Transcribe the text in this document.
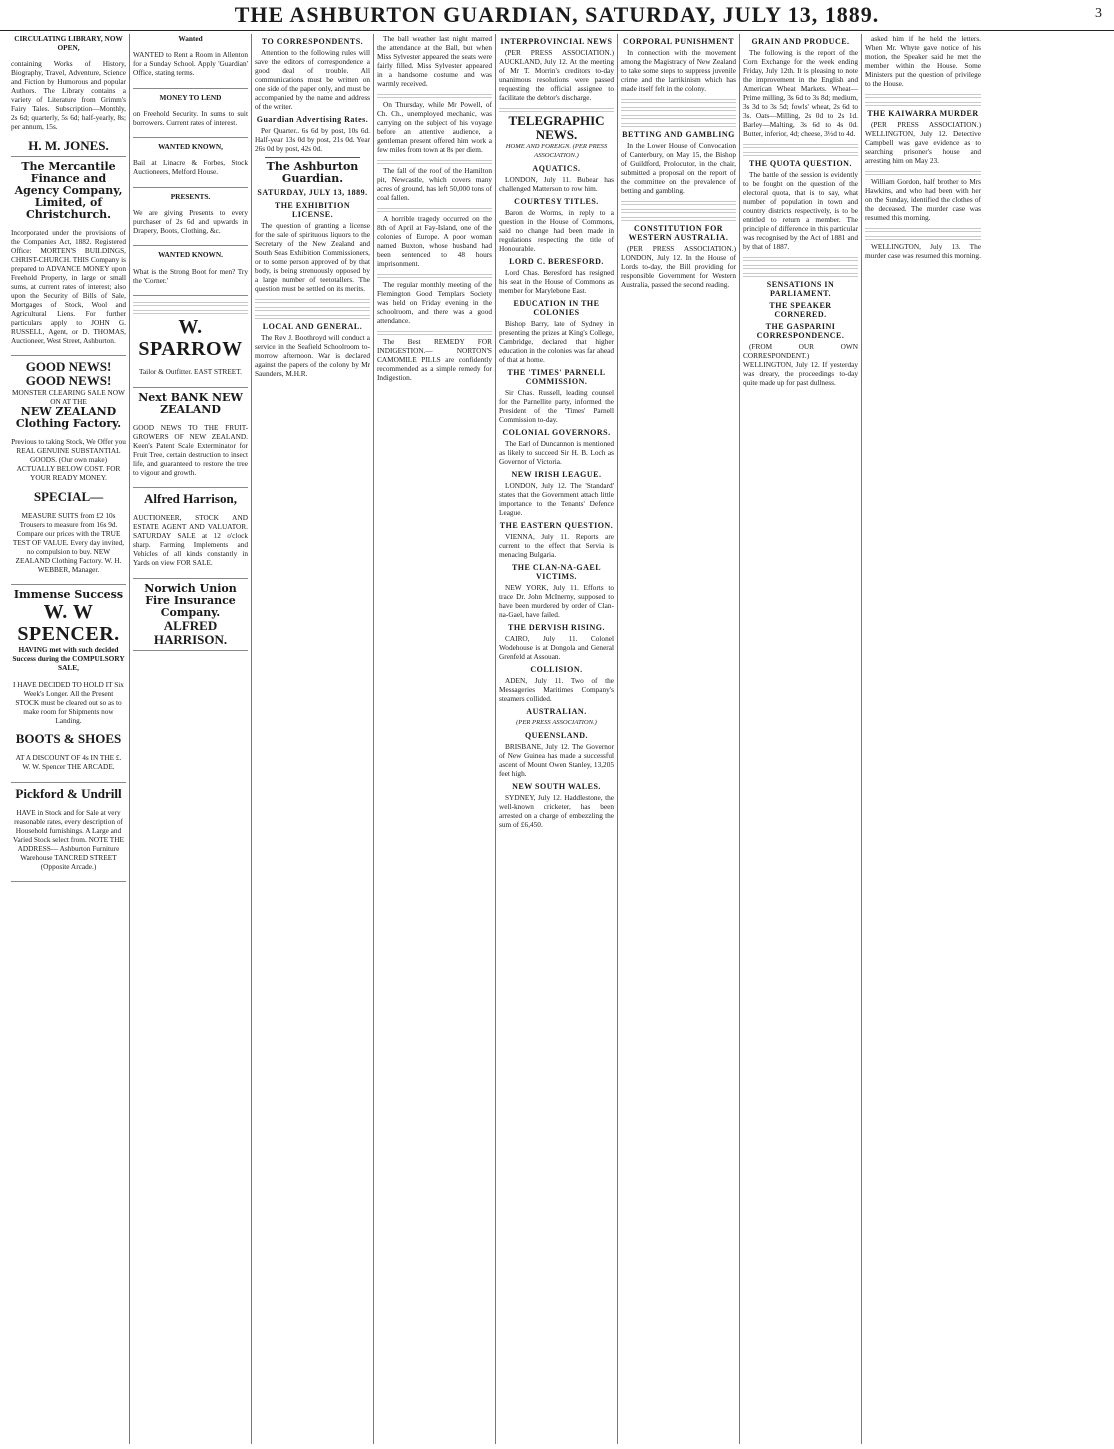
THE ASHBURTON GUARDIAN, SATURDAY, JULY 13, 1889.	3
CIRCULATING LIBRARY, NOW OPEN,

containing Works of History, Biography, Travel, Adventure, Science and Fiction by Humorous and popular Authors. The Library contains a variety of Literature from Grimm's Fairy Tales. Subscription—Monthly, 2s 6d; quarterly, 5s 6d; half-yearly, 8s; per annum, 15s.

H. M. JONES.
The Mercantile Finance and Agency Company, Limited, of Christchurch.

Incorporated under the provisions of the Companies Act, 1882. Registered Office: MORTEN'S BUILDINGS, CHRIST-CHURCH. THIS Company is prepared to ADVANCE MONEY upon Freehold Property, in large or small sums, at current rates of interest; also upon the Security of Bills of Sale, Mortgages of Stock, Wool and Agricultural Liens. For further particulars apply to JOHN G. RUSSELL, Agent, or D. THOMAS, Auctioneer, West Street, Ashburton.

GOOD NEWS! GOOD NEWS!
MONSTER CLEARING SALE NOW ON AT THE
NEW ZEALAND Clothing Factory.

Previous to taking Stock, We Offer you REAL GENUINE SUBSTANTIAL GOODS. (Our own make) ACTUALLY BELOW COST. FOR YOUR READY MONEY.

SPECIAL—

MEASURE SUITS from £2 10s Trousers to measure from 16s 9d. Compare our prices with the TRUE TEST OF VALUE. Every day invited, no compulsion to buy. NEW ZEALAND Clothing Factory. W. H. WEBBER, Manager.

Immense Success
W. W SPENCER.
HAVING met with such decided Success during the COMPULSORY SALE,

I HAVE DECIDED TO HOLD IT Six Week's Longer. All the Present STOCK must be cleared out so as to make room for Shipments now Landing.

BOOTS & SHOES

AT A DISCOUNT OF 4s IN THE £. W. W. Spencer THE ARCADE.

Pickford & Undrill

HAVE in Stock and for Sale at very reasonable rates, every description of Household furnishings. A Large and Varied Stock select from. NOTE THE ADDRESS— Ashburton Furniture Warehouse TANCRED STREET (Opposite Arcade.)

Wanted

WANTED to Rent a Room in Allenton for a Sunday School. Apply 'Guardian' Office, stating terms.

MONEY TO LEND

on Freehold Security. In sums to suit borrowers. Current rates of interest.

WANTED KNOWN,

Bail at Linacre & Forbes, Stock Auctioneers, Melford House.

PRESENTS.

We are giving Presents to every purchaser of 2s 6d and upwards in Drapery, Boots, Clothing, &c.

WANTED KNOWN.

What is the Strong Boot for men? Try the 'Corner.'

W. SPARROW

Tailor & Outfitter. EAST STREET.

Next BANK NEW ZEALAND

GOOD NEWS TO THE FRUIT-GROWERS OF NEW ZEALAND. Keen's Patent Scale Exterminator for Fruit Tree, certain destruction to insect life, and guaranteed to restore the tree to vigour and growth.

Alfred Harrison,

AUCTIONEER, STOCK AND ESTATE AGENT AND VALUATOR. SATURDAY SALE at 12 o'clock sharp. Farming Implements and Vehicles of all kinds constantly in Yards on view FOR SALE.

Norwich Union Fire Insurance Company.
ALFRED HARRISON.
TO CORRESPONDENTS.

Attention to the following rules will save the editors of correspondence a good deal of trouble. All communications must be written on one side of the paper only, and must be accompanied by the name and address of the writer.

Guardian Advertising Rates.

Per Quarter.. 6s 6d by post, 10s 6d. Half-year 13s 0d by post, 21s 0d. Year 26s 0d by post, 42s 0d.

The Ashburton Guardian.
SATURDAY, JULY 13, 1889.
THE EXHIBITION LICENSE.

The question of granting a license for the sale of spirituous liquors to the Secretary of the New Zealand and South Seas Exhibition Commissioners, or to some person approved of by that body, is being strenuously opposed by a large number of teetotallers. The question must be settled on its merits.

LOCAL AND GENERAL.

The Rev J. Boothroyd will conduct a service in the Seafield Schoolroom to-morrow afternoon. War is declared against the papers of the colony by Mr Saunders, M.H.R.

The ball weather last night marred the attendance at the Ball, but when Miss Sylvester appeared the seats were fairly filled. Miss Sylvester appeared in a handsome costume and was warmly received.

On Thursday, while Mr Powell, of Ch. Ch., unemployed mechanic, was carrying on the subject of his voyage before an attentive audience, a gentleman present offered him work a few miles from town at 8s per diem.

The fall of the roof of the Hamilton pit, Newcastle, which covers many acres of ground, has left 50,000 tons of coal fallen.

A horrible tragedy occurred on the 8th of April at Fay-Island, one of the colonies of Europe. A poor woman named Buxton, whose husband had been sentenced to 48 hours imprisonment.

The regular monthly meeting of the Flemington Good Templars Society was held on Friday evening in the schoolroom, and there was a good attendance.

The Best REMEDY FOR INDIGESTION.— NORTON'S CAMOMILE PILLS are confidently recommended as a simple remedy for Indigestion.

INTERPROVINCIAL NEWS

(PER PRESS ASSOCIATION.) AUCKLAND, July 12. At the meeting of Mr T. Morrin's creditors to-day unanimous resolutions were passed requesting the official assignee to facilitate the debtor's discharge.

TELEGRAPHIC NEWS.
HOME AND FOREIGN. (PER PRESS ASSOCIATION.)
AQUATICS.

LONDON, July 11. Bubear has challenged Matterson to row him.

COURTESY TITLES.

Baron de Worms, in reply to a question in the House of Commons, said no change had been made in regulations respecting the title of Honourable.

LORD C. BERESFORD.

Lord Chas. Beresford has resigned his seat in the House of Commons as member for Marylebone East.

EDUCATION IN THE COLONIES

Bishop Barry, late of Sydney in presenting the prizes at King's College, Cambridge, declared that higher education in the colonies was far ahead of that at home.

THE 'TIMES' PARNELL COMMISSION.

Sir Chas. Russell, leading counsel for the Parnellite party, informed the President of the 'Times' Parnell Commission to-day.

COLONIAL GOVERNORS.

The Earl of Duncannon is mentioned as likely to succeed Sir H. B. Loch as Governor of Victoria.

NEW IRISH LEAGUE.

LONDON, July 12. The 'Standard' states that the Government attach little importance to the Tenants' Defence League.

THE EASTERN QUESTION.

VIENNA, July 11. Reports are current to the effect that Servia is menacing Bulgaria.

THE CLAN-NA-GAEL VICTIMS.

NEW YORK, July 11. Efforts to trace Dr. John McInerny, supposed to have been murdered by order of Clan-na-Gael, have failed.

THE DERVISH RISING.

CAIRO, July 11. Colonel Wodehouse is at Dongola and General Grenfeld at Assouan.

COLLISION.

ADEN, July 11. Two of the Messageries Maritimes Company's steamers collided.

AUSTRALIAN.
(PER PRESS ASSOCIATION.)
QUEENSLAND.

BRISBANE, July 12. The Governor of New Guinea has made a successful ascent of Mount Owen Stanley, 13,205 feet high.

NEW SOUTH WALES.

SYDNEY, July 12. Haddlestone, the well-known cricketer, has been arrested on a charge of embezzling the sum of £6,450.

CORPORAL PUNISHMENT

In connection with the movement among the Magistracy of New Zealand to take some steps to suppress juvenile crime and the larrikinism which has made itself felt in the colony.

BETTING AND GAMBLING

In the Lower House of Convocation of Canterbury, on May 15, the Bishop of Guildford, Prolocutor, in the chair, submitted a proposal on the report of the committee on the prevalence of betting and gambling.

CONSTITUTION FOR WESTERN AUSTRALIA.

(PER PRESS ASSOCIATION.) LONDON, July 12. In the House of Lords to-day, the Bill providing for responsible Government for Western Australia, passed the second reading.

GRAIN AND PRODUCE.

The following is the report of the Corn Exchange for the week ending Friday, July 12th. It is pleasing to note the improvement in the English and American Wheat Markets. Wheat—Prime milling, 3s 6d to 3s 8d; medium, 3s 3d to 3s 5d; fowls' wheat, 2s 6d to 3s. Oats—Milling, 2s 0d to 2s 1d. Barley—Malting, 3s 6d to 4s 0d. Butter, inferior, 4d; cheese, 3½d to 4d.

THE QUOTA QUESTION.

The battle of the session is evidently to be fought on the question of the electoral quota, that is to say, what number of population in town and country districts respectively, is to be entitled to return a member. The principle of difference in this particular was recognised by the Act of 1881 and by that of 1887.

SENSATIONS IN PARLIAMENT.
THE SPEAKER CORNERED.
THE GASPARINI CORRESPONDENCE.

(FROM OUR OWN CORRESPONDENT.) WELLINGTON, July 12. If yesterday was dreary, the proceedings to-day quite made up for past dullness.

asked him if he held the letters. When Mr. Whyte gave notice of his motion, the Speaker said he met the member within the House. Some Ministers put the question of privilege to the House.

THE KAIWARRA MURDER

(PER PRESS ASSOCIATION.) WELLINGTON, July 12. Detective Campbell was gave evidence as to searching prisoner's house and arresting him on May 23.

William Gordon, half brother to Mrs Hawkins, and who had been with her on the Sunday, identified the clothes of the deceased. The murder case was resumed this morning.

WELLINGTON, July 13. The murder case was resumed this morning.
